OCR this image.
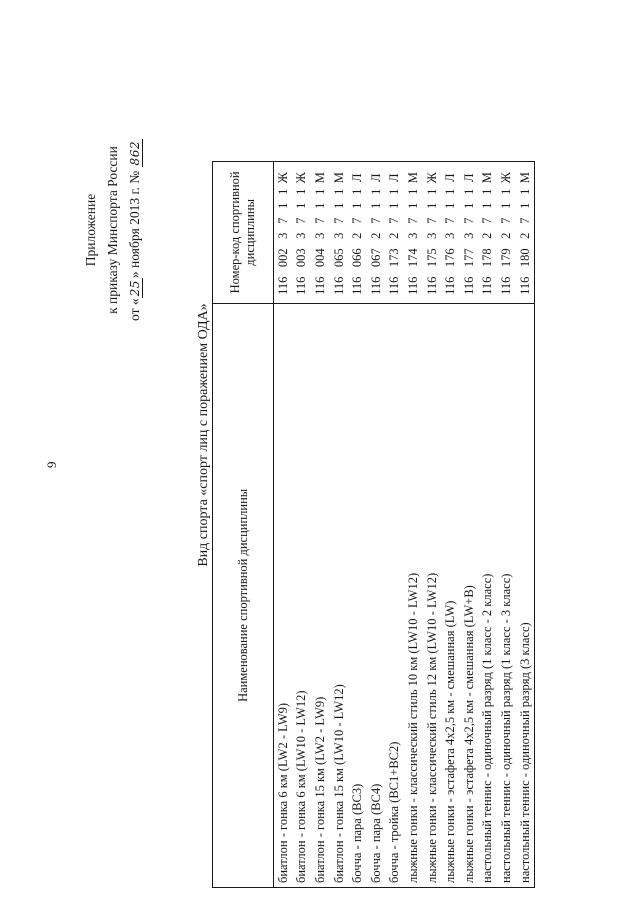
9
Приложение к приказу Минспорта России от «25» ноября 2013 г. № 862
Вид спорта «спорт лиц с поражением ОДА»
Наименование спортивной дисциплины	Номер-код спортивной дисциплины
биатлон - гонка 6 км (LW2 - LW9)	1160023711Ж
биатлон - гонка 6 км (LW10 - LW12)	1160033711Ж
биатлон - гонка 15 км (LW2 - LW9)	1160043711М
биатлон - гонка 15 км (LW10 - LW12)	1160653711М
бочча - пара (BC3)	1160662711Л
бочча - пара (BC4)	1160672711Л
бочча - тройка (BC1+BC2)	1161732711Л
лыжные гонки - классический стиль 10 км (LW10 - LW12)	1161743711М
лыжные гонки - классический стиль 12 км (LW10 - LW12)	1161753711Ж
лыжные гонки - эстафета 4х2,5 км - смешанная (LW)	1161763711Л
лыжные гонки - эстафета 4х2,5 км - смешанная (LW+B)	1161773711Л
настольный теннис - одиночный разряд (1 класс - 2 класс)	1161782711М
настольный теннис - одиночный разряд (1 класс - 3 класс)	1161792711Ж
настольный теннис - одиночный разряд (3 класс)	1161802711М
